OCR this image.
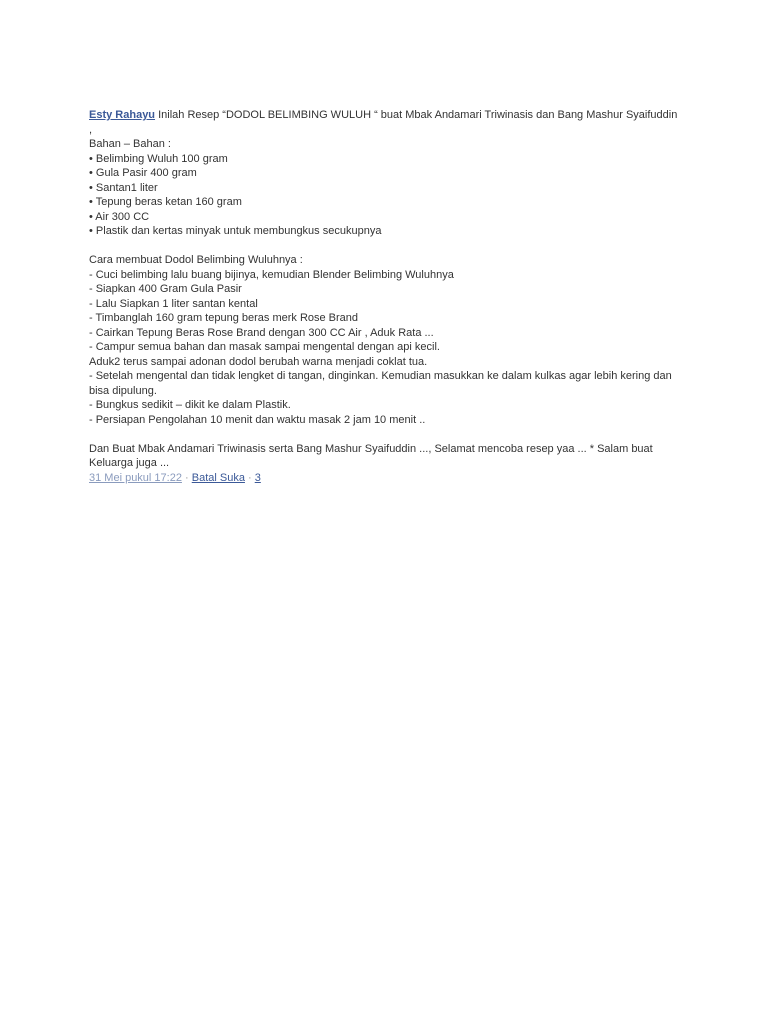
Esty Rahayu Inilah Resep “DODOL BELIMBING WULUH “ buat Mbak Andamari Triwinasis dan Bang Mashur Syaifuddin ,
Bahan – Bahan :
• Belimbing Wuluh 100 gram
• Gula Pasir 400 gram
• Santan1 liter
• Tepung beras ketan 160 gram
• Air 300 CC
• Plastik dan kertas minyak untuk membungkus secukupnya
Cara membuat Dodol Belimbing Wuluhnya :
- Cuci belimbing lalu buang bijinya, kemudian Blender Belimbing Wuluhnya
- Siapkan 400 Gram Gula Pasir
- Lalu Siapkan 1 liter santan kental
- Timbanglah 160 gram tepung beras merk Rose Brand
- Cairkan Tepung Beras Rose Brand dengan 300 CC Air , Aduk Rata ...
- Campur semua bahan dan masak sampai mengental dengan api kecil.
Aduk2 terus sampai adonan dodol berubah warna menjadi coklat tua.
- Setelah mengental dan tidak lengket di tangan, dinginkan. Kemudian masukkan ke dalam kulkas agar lebih kering dan bisa dipulung.
- Bungkus sedikit – dikit ke dalam Plastik.
- Persiapan Pengolahan 10 menit dan waktu masak 2 jam 10 menit ..
Dan Buat Mbak Andamari Triwinasis serta Bang Mashur Syaifuddin ..., Selamat mencoba resep yaa ... * Salam buat Keluarga juga ...
31 Mei pukul 17:22 · Batal Suka · 3
